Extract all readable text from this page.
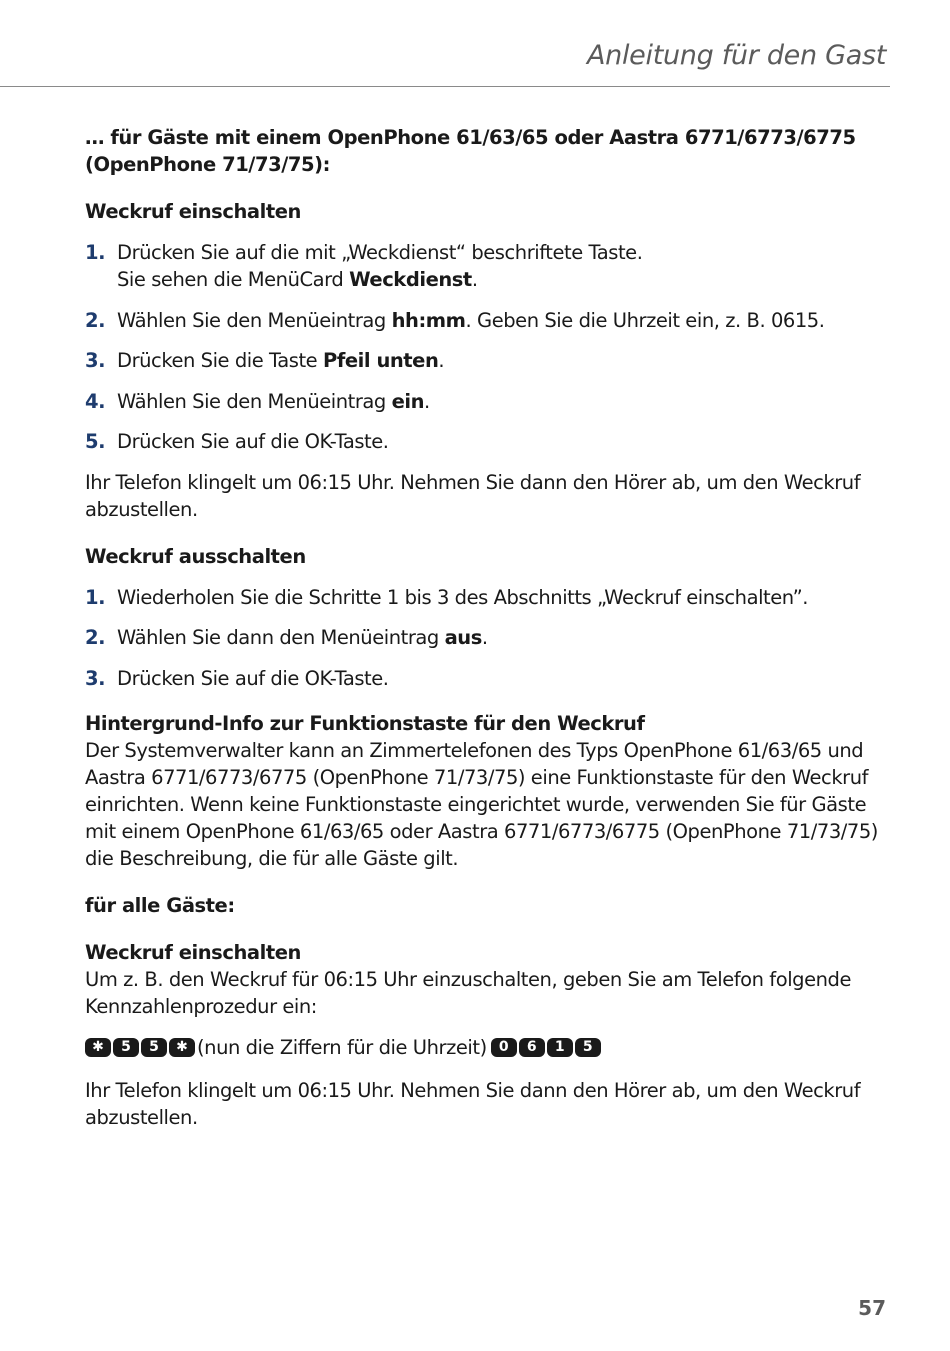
Anleitung für den Gast
… für Gäste mit einem OpenPhone 61/63/65 oder Aastra 6771/6773/6775 (OpenPhone 71/73/75):
Weckruf einschalten
1. Drücken Sie auf die mit „Weckdienst“ beschriftete Taste.
Sie sehen die MenüCard Weckdienst.
2. Wählen Sie den Menüeintrag hh:mm. Geben Sie die Uhrzeit ein, z. B. 0615.
3. Drücken Sie die Taste Pfeil unten.
4. Wählen Sie den Menüeintrag ein.
5. Drücken Sie auf die OK-Taste.

Ihr Telefon klingelt um 06:15 Uhr. Nehmen Sie dann den Hörer ab, um den Weckruf abzustellen.

Weckruf ausschalten
1. Wiederholen Sie die Schritte 1 bis 3 des Abschnitts „Weckruf einschalten”.
2. Wählen Sie dann den Menüeintrag aus.
3. Drücken Sie auf die OK-Taste.
Hintergrund-Info zur Funktionstaste für den Weckruf

Der Systemverwalter kann an Zimmertelefonen des Typs OpenPhone 61/63/65 und Aastra 6771/6773/6775 (OpenPhone 71/73/75) eine Funktionstaste für den Weckruf einrichten. Wenn keine Funktionstaste eingerichtet wurde, verwenden Sie für Gäste mit einem OpenPhone 61/63/65 oder Aastra 6771/6773/6775 (OpenPhone 71/73/75) die Beschreibung, die für alle Gäste gilt.

für alle Gäste:
Weckruf einschalten

Um z. B. den Weckruf für 06:15 Uhr einzuschalten, geben Sie am Telefon folgende Kennzahlenprozedur ein:

✱	5	5	✱ (nun die Ziffern für die Uhrzeit) 0	6	1	5

Ihr Telefon klingelt um 06:15 Uhr. Nehmen Sie dann den Hörer ab, um den Weckruf abzustellen.

57
